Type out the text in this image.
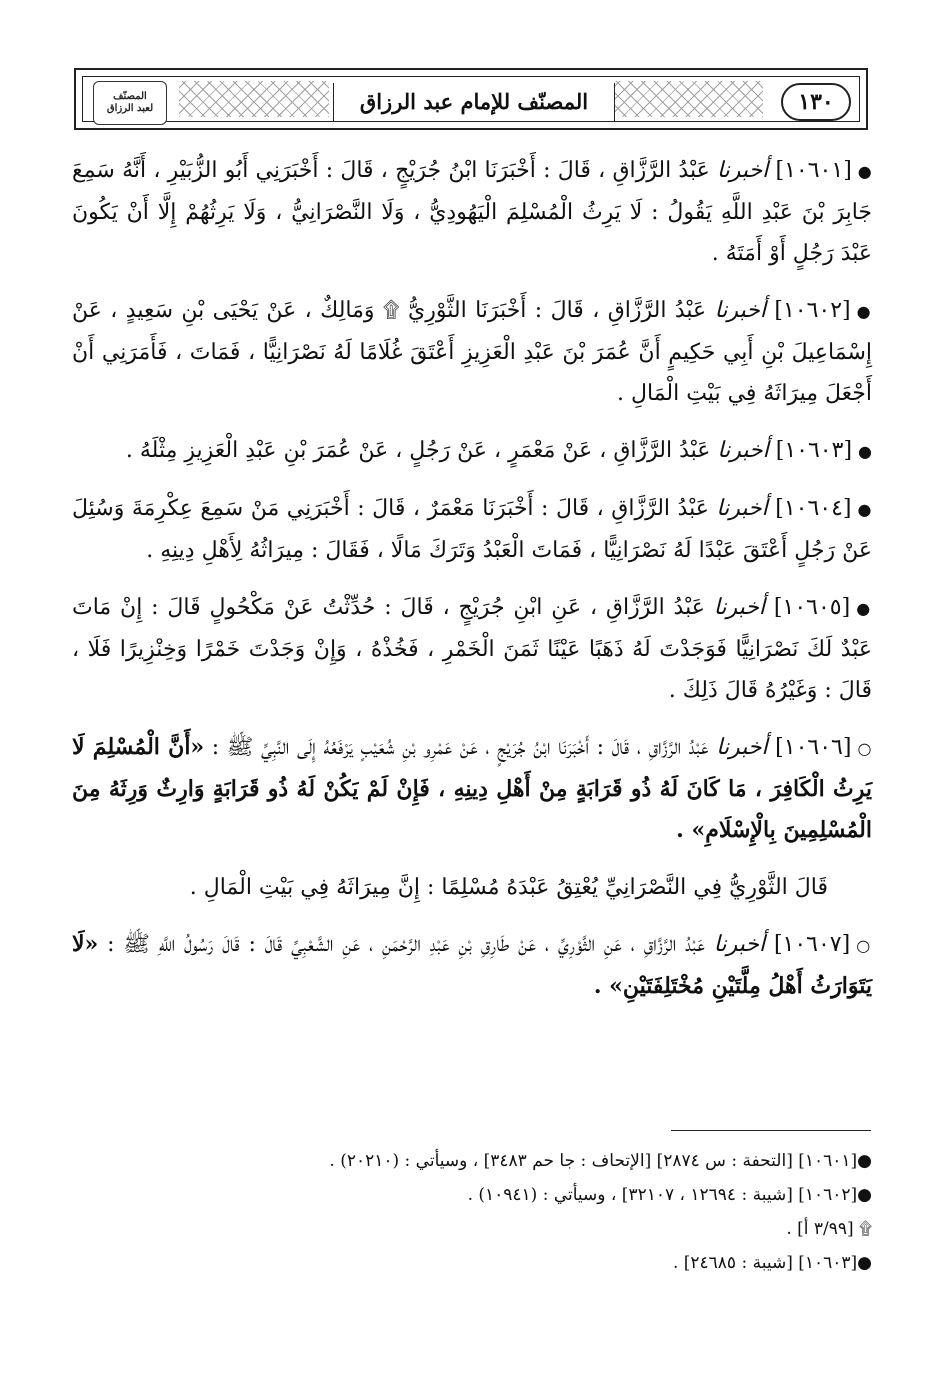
المصنّف
لعبد الرزاق	المصنّف للإمام عبد الرزاق	١٣٠

●[١٠٦٠١] أخبرنا عَبْدُ الرَّزَّاقِ ، قَالَ : أَخْبَرَنَا ابْنُ جُرَيْجٍ ، قَالَ : أَخْبَرَنِي أَبُو الزُّبَيْرِ ، أَنَّهُ سَمِعَ جَابِرَ بْنَ عَبْدِ اللَّهِ يَقُولُ : لَا يَرِثُ الْمُسْلِمَ الْيَهُودِيُّ ، وَلَا النَّصْرَانِيُّ ، وَلَا يَرِثُهُمْ إِلَّا أَنْ يَكُونَ عَبْدَ رَجُلٍ أَوْ أَمَتَهُ .

●[١٠٦٠٢] أخبرنا عَبْدُ الرَّزَّاقِ ، قَالَ : أَخْبَرَنَا الثَّوْرِيُّ ۩ وَمَالِكٌ ، عَنْ يَحْيَى بْنِ سَعِيدٍ ، عَنْ إِسْمَاعِيلَ بْنِ أَبِي حَكِيمٍ أَنَّ عُمَرَ بْنَ عَبْدِ الْعَزِيزِ أَعْتَقَ غُلَامًا لَهُ نَصْرَانِيًّا ، فَمَاتَ ، فَأَمَرَنِي أَنْ أَجْعَلَ مِيرَاثَهُ فِي بَيْتِ الْمَالِ .

●[١٠٦٠٣] أخبرنا عَبْدُ الرَّزَّاقِ ، عَنْ مَعْمَرٍ ، عَنْ رَجُلٍ ، عَنْ عُمَرَ بْنِ عَبْدِ الْعَزِيزِ مِثْلَهُ .

●[١٠٦٠٤] أخبرنا عَبْدُ الرَّزَّاقِ ، قَالَ : أَخْبَرَنَا مَعْمَرٌ ، قَالَ : أَخْبَرَنِي مَنْ سَمِعَ عِكْرِمَةَ وَسُئِلَ عَنْ رَجُلٍ أَعْتَقَ عَبْدًا لَهُ نَصْرَانِيًّا ، فَمَاتَ الْعَبْدُ وَتَرَكَ مَالًا ، فَقَالَ : مِيرَاثُهُ لِأَهْلِ دِينِهِ .

●[١٠٦٠٥] أخبرنا عَبْدُ الرَّزَّاقِ ، عَنِ ابْنِ جُرَيْجٍ ، قَالَ : حُدِّثْتُ عَنْ مَكْحُولٍ قَالَ : إِنْ مَاتَ عَبْدٌ لَكَ نَصْرَانِيًّا فَوَجَدْتَ لَهُ ذَهَبًا عَيْنًا ثَمَنَ الْخَمْرِ ، فَخُذْهُ ، وَإِنْ وَجَدْتَ خَمْرًا وَخِنْزِيرًا فَلَا ، قَالَ : وَغَيْرُهُ قَالَ ذَلِكَ .

○[١٠٦٠٦] أخبرنا عَبْدُ الرَّزَّاقِ ، قَالَ : أَخْبَرَنَا ابْنُ جُرَيْجٍ ، عَنْ عَمْرِو بْنِ شُعَيْبٍ يَرْفَعُهُ إِلَى النَّبِيِّ ﷺ : «أَنَّ الْمُسْلِمَ لَا يَرِثُ الْكَافِرَ ، مَا كَانَ لَهُ ذُو قَرَابَةٍ مِنْ أَهْلِ دِينِهِ ، فَإِنْ لَمْ يَكُنْ لَهُ ذُو قَرَابَةٍ وَارِثٌ وَرِثَهُ مِنَ الْمُسْلِمِينَ بِالْإِسْلَامِ» .

قَالَ الثَّوْرِيُّ فِي النَّصْرَانِيِّ يُعْتِقُ عَبْدَهُ مُسْلِمًا : إِنَّ مِيرَاثَهُ فِي بَيْتِ الْمَالِ .

○[١٠٦٠٧] أخبرنا عَبْدُ الرَّزَّاقِ ، عَنِ الثَّوْرِيِّ ، عَنْ طَارِقِ بْنِ عَبْدِ الرَّحْمَنِ ، عَنِ الشَّعْبِيِّ قَالَ : قَالَ رَسُولُ اللَّهِ ﷺ : «لَا يَتَوَارَثُ أَهْلُ مِلَّتَيْنِ مُخْتَلِفَتَيْنِ» .

●[١٠٦٠١] [التحفة : س ٢٨٧٤] [الإتحاف : جا حم ٣٤٨٣] ، وسيأتي : (٢٠٢١٠) .

●[١٠٦٠٢] [شيبة : ١٢٦٩٤ ، ٣٢١٠٧] ، وسيأتي : (١٠٩٤١) .

۩ [٣/٩٩ أ] .

●[١٠٦٠٣] [شيبة : ٢٤٦٨٥] .
